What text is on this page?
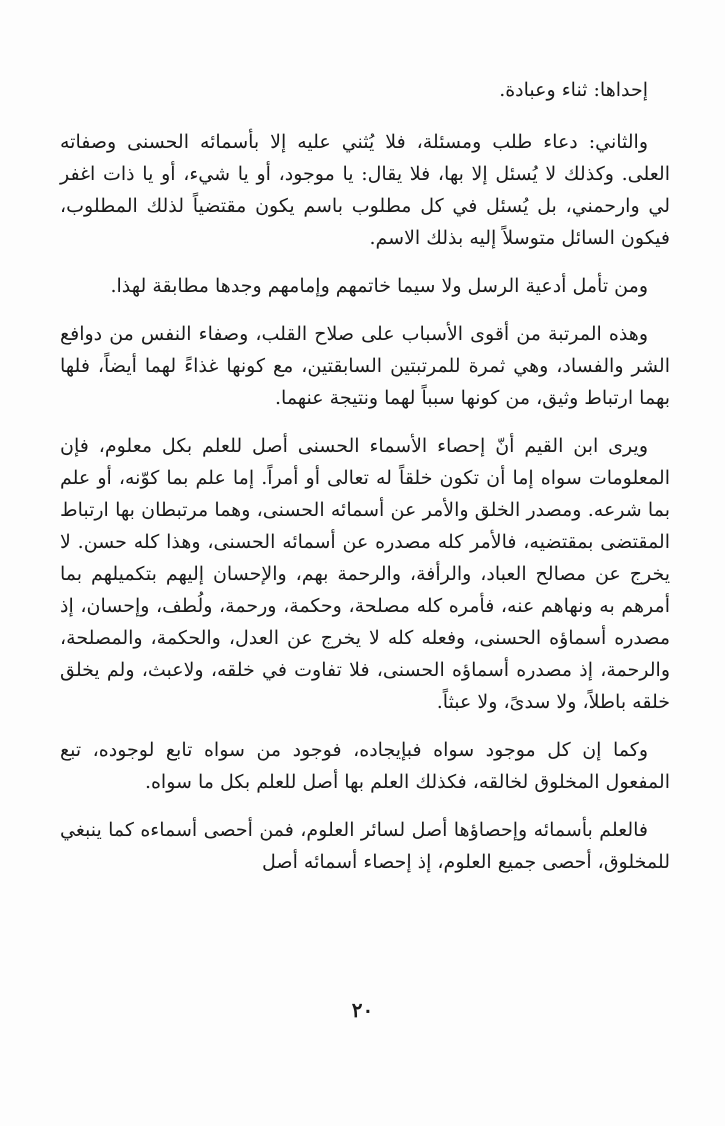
إحداها: ثناء وعبادة.

والثاني: دعاء طلب ومسئلة، فلا يُثني عليه إلا بأسمائه الحسنى وصفاته العلى. وكذلك لا يُسئل إلا بها، فلا يقال: يا موجود، أو يا شيء، أو يا ذات اغفر لي وارحمني، بل يُسئل في كل مطلوب باسم يكون مقتضياً لذلك المطلوب، فيكون السائل متوسلاً إليه بذلك الاسم.

ومن تأمل أدعية الرسل ولا سيما خاتمهم وإمامهم وجدها مطابقة لهذا.

وهذه المرتبة من أقوى الأسباب على صلاح القلب، وصفاء النفس من دوافع الشر والفساد، وهي ثمرة للمرتبتين السابقتين، مع كونها غذاءً لهما أيضاً، فلها بهما ارتباط وثيق، من كونها سبباً لهما ونتيجة عنهما.

ويرى ابن القيم أنّ إحصاء الأسماء الحسنى أصل للعلم بكل معلوم، فإن المعلومات سواه إما أن تكون خلقاً له تعالى أو أمراً. إما علم بما كوّنه، أو علم بما شرعه. ومصدر الخلق والأمر عن أسمائه الحسنى، وهما مرتبطان بها ارتباط المقتضى بمقتضيه، فالأمر كله مصدره عن أسمائه الحسنى، وهذا كله حسن. لا يخرج عن مصالح العباد، والرأفة، والرحمة بهم، والإحسان إليهم بتكميلهم بما أمرهم به ونهاهم عنه، فأمره كله مصلحة، وحكمة، ورحمة، ولُطف، وإحسان، إذ مصدره أسماؤه الحسنى، وفعله كله لا يخرج عن العدل، والحكمة، والمصلحة، والرحمة، إذ مصدره أسماؤه الحسنى، فلا تفاوت في خلقه، ولاعبث، ولم يخلق خلقه باطلاً، ولا سدىً، ولا عبثاً.

وكما إن كل موجود سواه فبإيجاده، فوجود من سواه تابع لوجوده، تبع المفعول المخلوق لخالقه، فكذلك العلم بها أصل للعلم بكل ما سواه.

فالعلم بأسمائه وإحصاؤها أصل لسائر العلوم، فمن أحصى أسماءه كما ينبغي للمخلوق، أحصى جميع العلوم، إذ إحصاء أسمائه أصل

٢٠
